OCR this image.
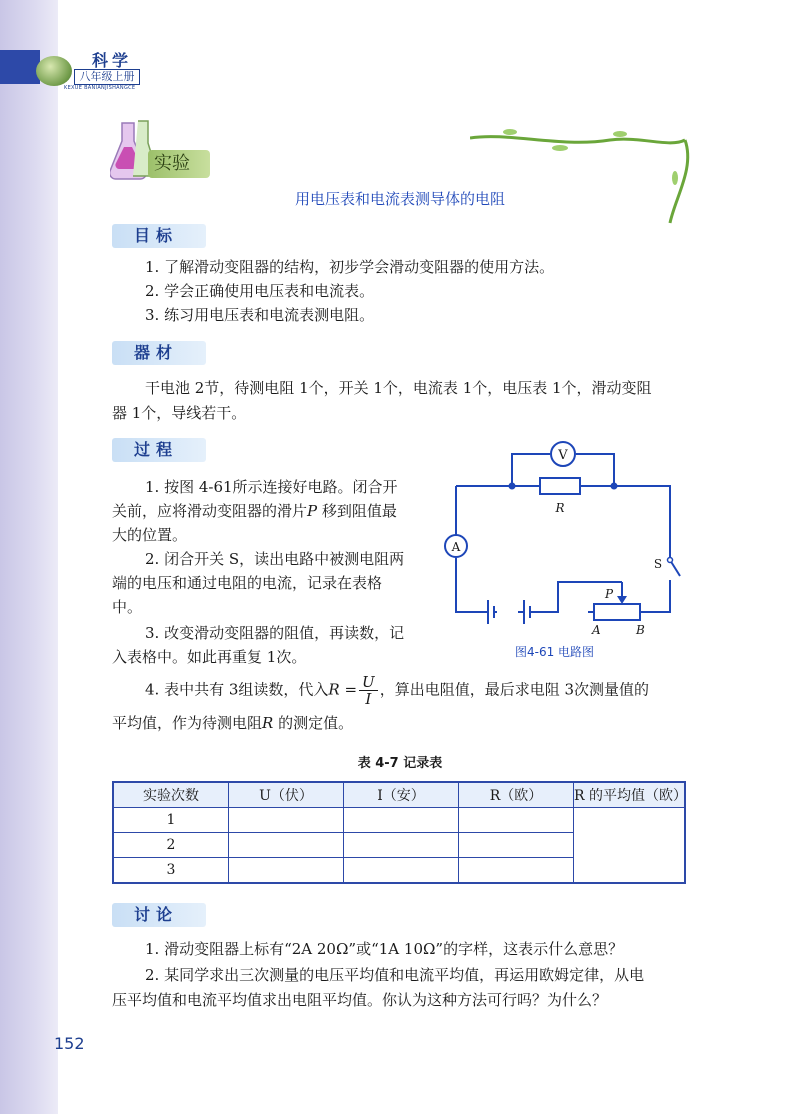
科学
八年级上册
KEXUE BANIANJISHANGCE
实验
用电压表和电流表测导体的电阻
目标
1. 了解滑动变阻器的结构，初步学会滑动变阻器的使用方法。
2. 学会正确使用电压表和电流表。
3. 练习用电压表和电流表测电阻。
器材
干电池 2节，待测电阻 1个，开关 1个，电流表 1个，电压表 1个，滑动变阻
器 1个，导线若干。
过程
1. 按图 4-61所示连接好电路。闭合开
关前，应将滑动变阻器的滑片P 移到阻值最
大的位置。
2. 闭合开关 S，读出电路中被测电阻两
端的电压和通过电阻的电流，记录在表格
中。
3. 改变滑动变阻器的阻值，再读数，记
入表格中。如此再重复 1次。
4. 表中共有 3组读数，代入$R = \frac{U}{I}$ ，算出电阻值，最后求电阻 3次测量值的
平均值，作为待测电阻R 的测定值。
V
R
A
S
P
A	B
图4-61 电路图
表 4-7 记录表
实验次数	U（伏）	I（安）	R（欧）	R 的平均值（欧）
1				
2				
3				
讨论
1. 滑动变阻器上标有“2A 20Ω”或“1A 10Ω”的字样，这表示什么意思？
2. 某同学求出三次测量的电压平均值和电流平均值，再运用欧姆定律，从电
压平均值和电流平均值求出电阻平均值。你认为这种方法可行吗？为什么？
152
